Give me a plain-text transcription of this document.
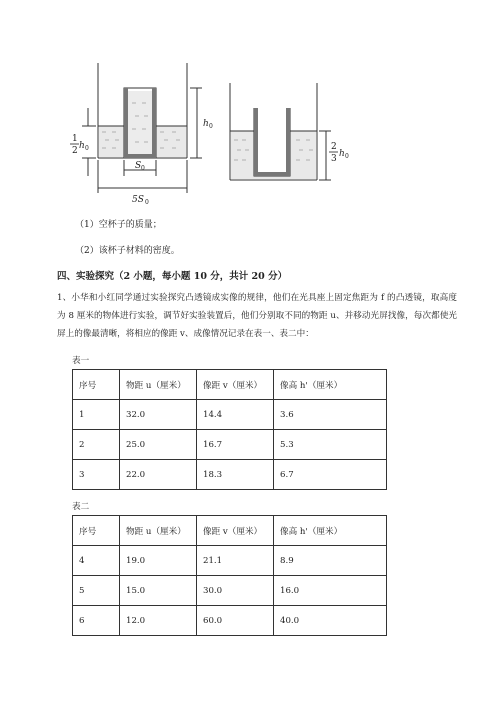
h 0
1
2 h 0
S 0
5S 0
2
3 h 0
（1）空杯子的质量；
（2）该杯子材料的密度。
四、实验探究（2 小题，每小题 10 分，共计 20 分）
1、小华和小红同学通过实验探究凸透镜成实像的规律，他们在光具座上固定焦距为 f 的凸透镜，取高度为 8 厘米的物体进行实验，调节好实验装置后，他们分别取不同的物距 u、并移动光屏找像，每次都使光屏上的像最清晰，将相应的像距 v、成像情况记录在表一、表二中：
表一
序号	物距 u（厘米）	像距 v（厘米）	像高 h'（厘米）
1	32.0	14.4	3.6
2	25.0	16.7	5.3
3	22.0	18.3	6.7
表二
序号	物距 u（厘米）	像距 v（厘米）	像高 h'（厘米）
4	19.0	21.1	8.9
5	15.0	30.0	16.0
6	12.0	60.0	40.0
